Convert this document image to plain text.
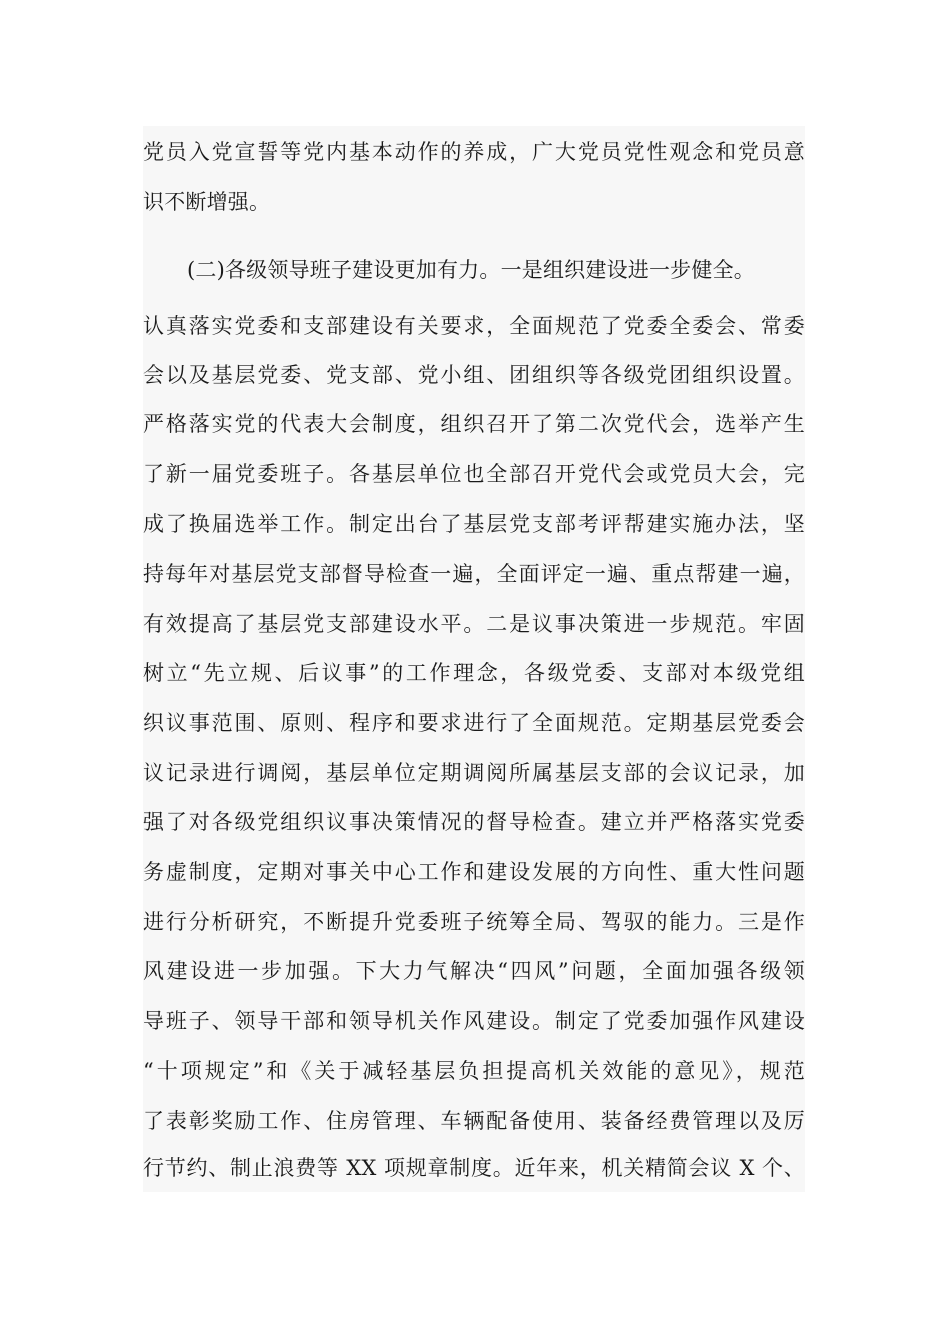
党员入党宣誓等党内基本动作的养成，广大党员党性观念和党员意
识不断增强。
(二)各级领导班子建设更加有力。一是组织建设进一步健全。
认真落实党委和支部建设有关要求，全面规范了党委全委会、常委
会以及基层党委、党支部、党小组、团组织等各级党团组织设置。
严格落实党的代表大会制度，组织召开了第二次党代会，选举产生
了新一届党委班子。各基层单位也全部召开党代会或党员大会，完
成了换届选举工作。制定出台了基层党支部考评帮建实施办法，坚
持每年对基层党支部督导检查一遍，全面评定一遍、重点帮建一遍，
有效提高了基层党支部建设水平。二是议事决策进一步规范。牢固
树立“先立规、后议事”的工作理念，各级党委、支部对本级党组
织议事范围、原则、程序和要求进行了全面规范。定期基层党委会
议记录进行调阅，基层单位定期调阅所属基层支部的会议记录，加
强了对各级党组织议事决策情况的督导检查。建立并严格落实党委
务虚制度，定期对事关中心工作和建设发展的方向性、重大性问题
进行分析研究，不断提升党委班子统筹全局、驾驭的能力。三是作
风建设进一步加强。下大力气解决“四风”问题，全面加强各级领
导班子、领导干部和领导机关作风建设。制定了党委加强作风建设
“十项规定”和《关于减轻基层负担提高机关效能的意见》，规范
了表彰奖励工作、住房管理、车辆配备使用、装备经费管理以及厉
行节约、制止浪费等 XX 项规章制度。近年来，机关精简会议 X 个、
